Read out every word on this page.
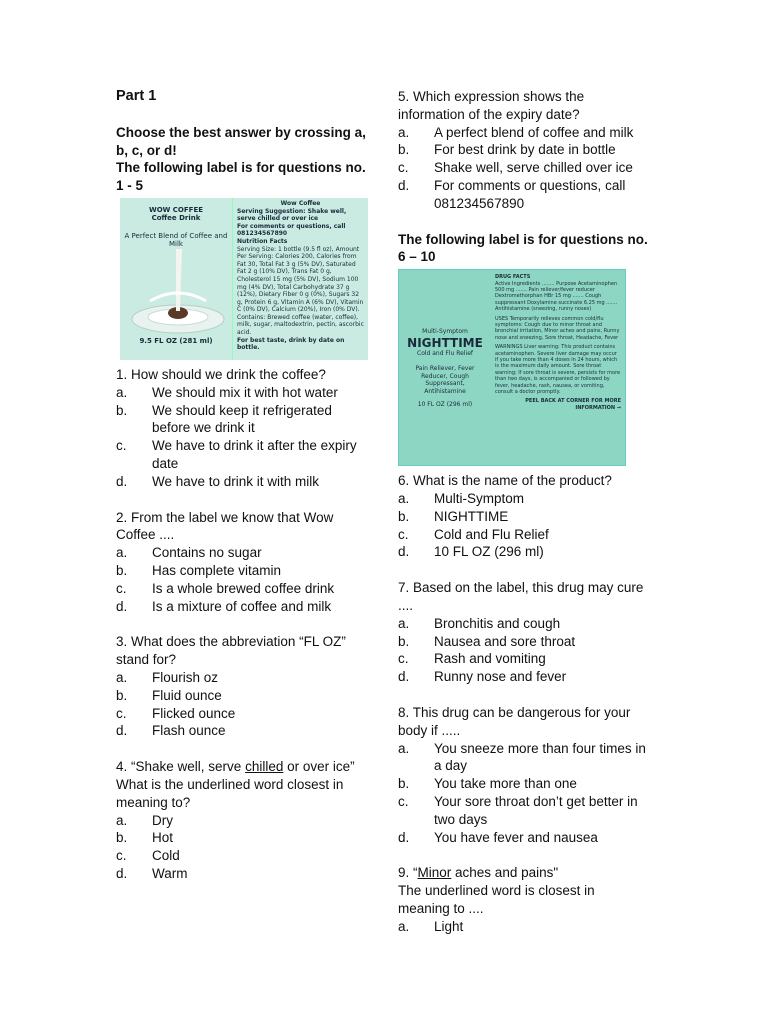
Part 1
Choose the best answer by crossing a, b, c, or d!
The following label is for questions no. 1 - 5
WOW COFFEE
Coffee Drink
A Perfect Blend of Coffee and Milk
9.5 FL OZ (281 ml)
Wow Coffee
Serving Suggestion: Shake well, serve chilled or over ice
For comments or questions, call 081234567890
Nutrition Facts
Serving Size: 1 bottle (9.5 fl oz), Amount Per Serving: Calories 200, Calories from Fat 30, Total Fat 3 g (5% DV), Saturated Fat 2 g (10% DV), Trans Fat 0 g, Cholesterol 15 mg (5% DV), Sodium 100 mg (4% DV), Total Carbohydrate 37 g (12%), Dietary Fiber 0 g (0%), Sugars 32 g, Protein 6 g, Vitamin A (6% DV), Vitamin C (0% DV), Calcium (20%), Iron (0% DV).
Contains: Brewed coffee (water, coffee), milk, sugar, maltodextrin, pectin, ascorbic acid.
For best taste, drink by date on bottle.
1. How should we drink the coffee?
a.	We should mix it with hot water
b.	We should keep it refrigerated before we drink it
c.	We have to drink it after the expiry date
d.	We have to drink it with milk
2. From the label we know that Wow Coffee ....
a.	Contains no sugar
b.	Has complete vitamin
c.	Is a whole brewed coffee drink
d.	Is a mixture of coffee and milk
3. What does the abbreviation “FL OZ” stand for?
a.	Flourish oz
b.	Fluid ounce
c.	Flicked ounce
d.	Flash ounce
4. “Shake well, serve chilled or over ice”
What is the underlined word closest in meaning to?
a.	Dry
b.	Hot
c.	Cold
d.	Warm
5. Which expression shows the information of the expiry date?
a.	A perfect blend of coffee and milk
b.	For best drink by date in bottle
c.	Shake well, serve chilled over ice
d.	For comments or questions, call 081234567890
The following label is for questions no. 6 – 10
Multi-Symptom
NIGHTTIME
Cold and Flu Relief
Pain Reliever, Fever Reducer, Cough Suppressant, Antihistamine
10 FL OZ (296 ml)
DRUG FACTS
Active Ingredients ........ Purpose Acetaminophen 500 mg ....... Pain reliever/fever reducer Dextromethorphan HBr 15 mg ....... Cough suppressant Doxylamine succinate 6.25 mg ....... Antihistamine (sneezing, runny noses)
USES Temporarily relieves common cold/flu symptoms: Cough due to minor throat and bronchial irritation, Minor aches and pains, Runny nose and sneezing, Sore throat, Headache, Fever
WARNINGS Liver warning: This product contains acetaminophen. Severe liver damage may occur if you take more than 4 doses in 24 hours, which is the maximum daily amount. Sore throat warning: If sore throat is severe, persists for more than two days, is accompanied or followed by fever, headache, rash, nausea, or vomiting, consult a doctor promptly.
PEEL BACK AT CORNER FOR MORE INFORMATION →
6. What is the name of the product?
a.	Multi-Symptom
b.	NIGHTTIME
c.	Cold and Flu Relief
d.	10 FL OZ (296 ml)
7. Based on the label, this drug may cure ....
a.	Bronchitis and cough
b.	Nausea and sore throat
c.	Rash and vomiting
d.	Runny nose and fever
8. This drug can be dangerous for your body if .....
a.	You sneeze more than four times in a day
b.	You take more than one
c.	Your sore throat don’t get better in two days
d.	You have fever and nausea
9. “Minor aches and pains"
The underlined word is closest in meaning to ....
a.	Light
